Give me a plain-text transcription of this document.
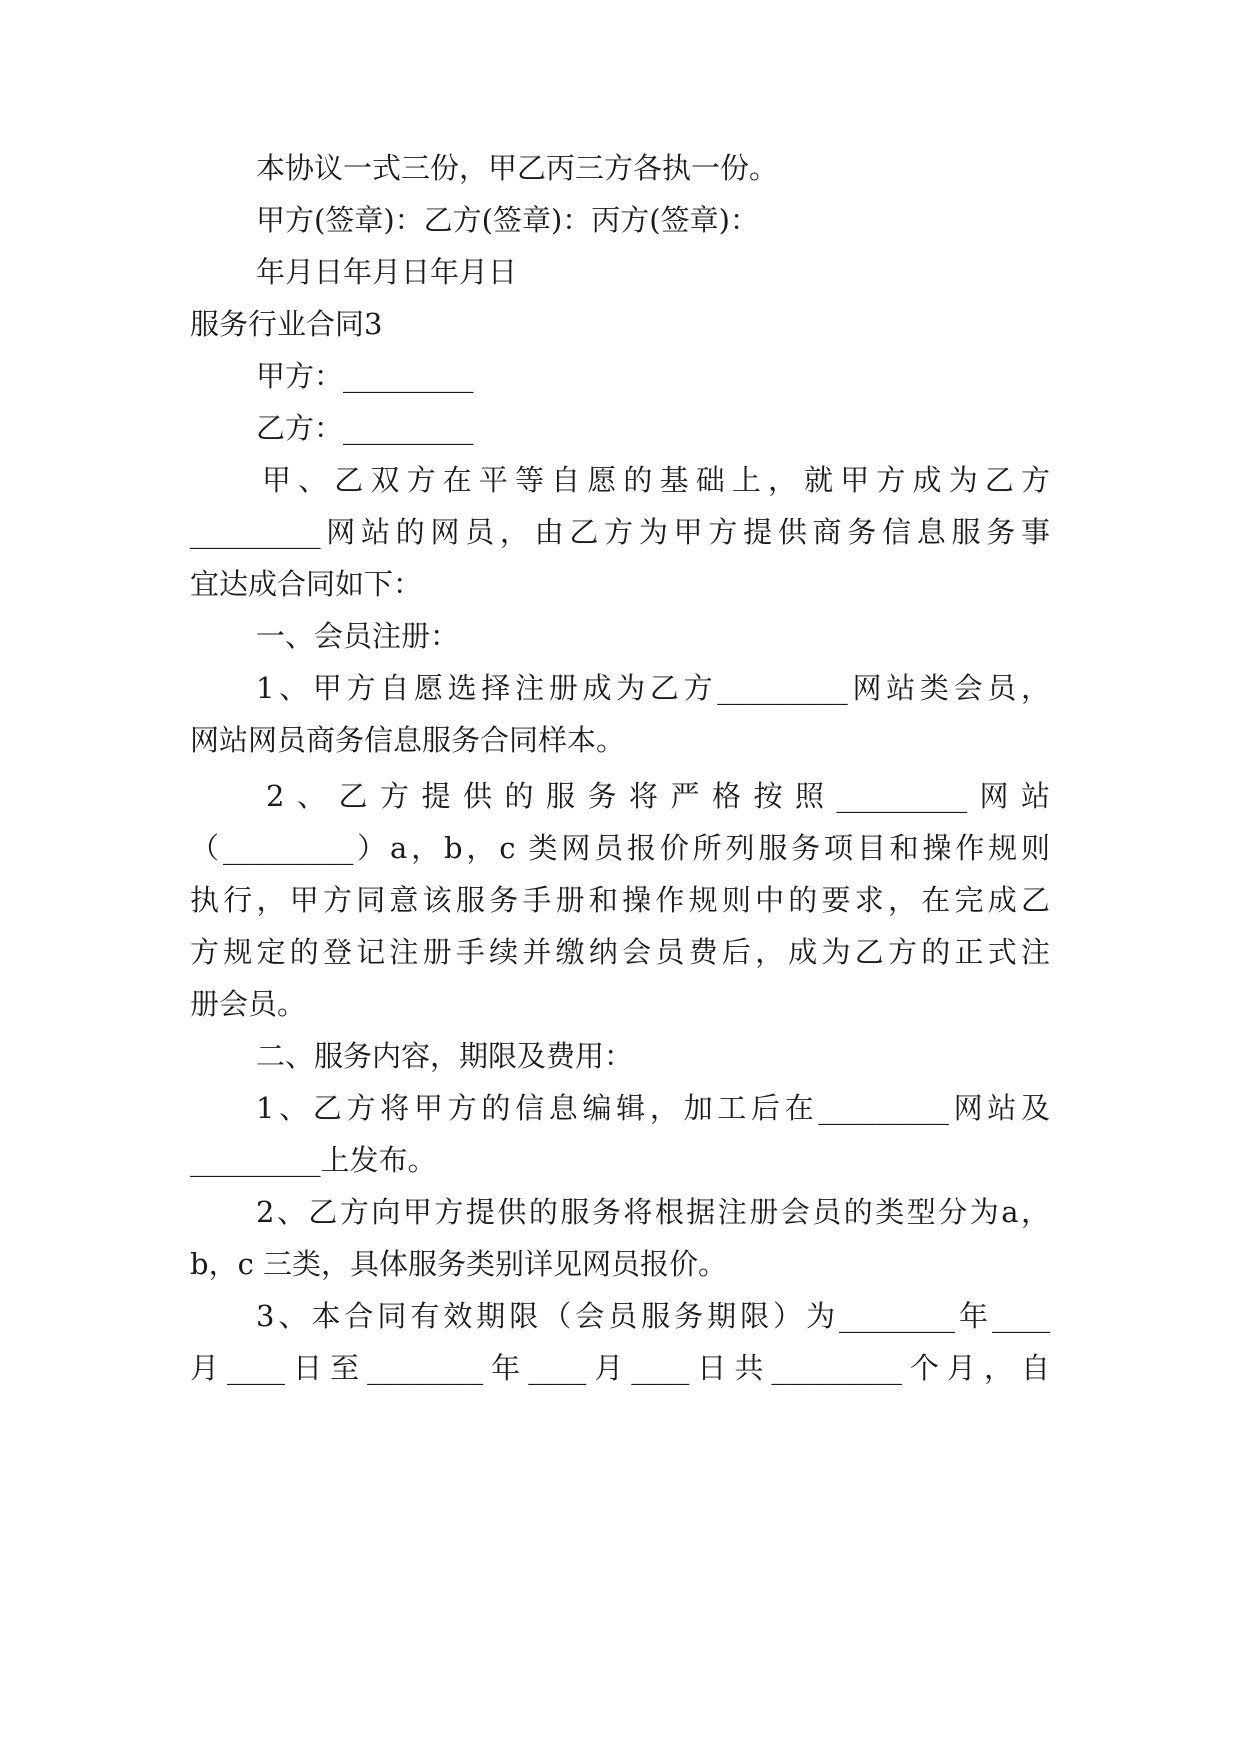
本协议一式三份，甲乙丙三方各执一份。
甲方(签章)：乙方(签章)：丙方(签章)：
年月日年月日年月日
服务行业合同3
甲方：_________
乙方：_________
甲、乙双方在平等自愿的基础上，就甲方成为乙方
_________网站的网员，由乙方为甲方提供商务信息服务事
宜达成合同如下：
一、会员注册：
1、甲方自愿选择注册成为乙方_________网站类会员，
网站网员商务信息服务合同样本。
2、乙方提供的服务将严格按照_________网站
（_________）a，b，c 类网员报价所列服务项目和操作规则
执行，甲方同意该服务手册和操作规则中的要求，在完成乙
方规定的登记注册手续并缴纳会员费后，成为乙方的正式注
册会员。
二、服务内容，期限及费用：
1、乙方将甲方的信息编辑，加工后在_________网站及
_________上发布。
2、乙方向甲方提供的服务将根据注册会员的类型分为a，
b，c 三类，具体服务类别详见网员报价。
3、本合同有效期限（会员服务期限）为________年____
月____日至________年____月____日共_________个月，自
